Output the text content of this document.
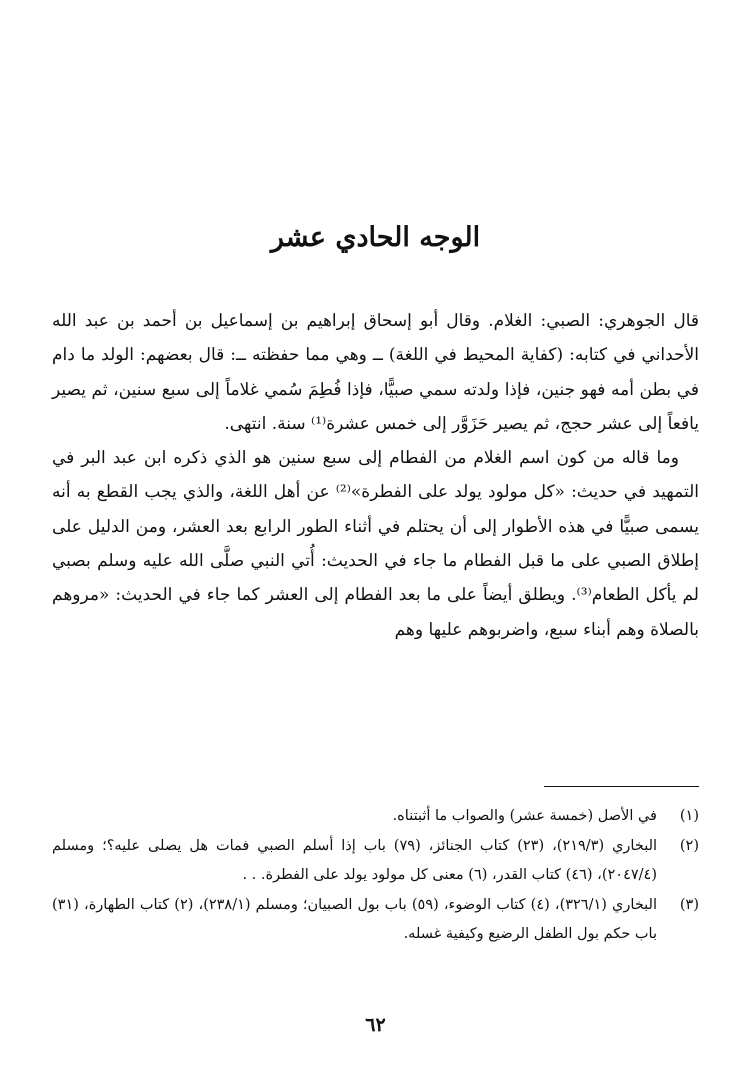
الوجه الحادي عشر

قال الجوهري: الصبي: الغلام. وقال أبو إسحاق إبراهيم بن إسماعيل بن أحمد بن عبد الله الأحداني في كتابه: (كفاية المحيط في اللغة) ــ وهي مما حفظته ــ: قال بعضهم: الولد ما دام في بطن أمه فهو جنين، فإذا ولدته سمي صبيًّا، فإذا فُطِمَ سُمي غلاماً إلى سبع سنين، ثم يصير يافعاً إلى عشر حجج، ثم يصير حَزَوَّر إلى خمس عشرة⁽¹⁾ سنة. انتهى.

وما قاله من كون اسم الغلام من الفطام إلى سبع سنين هو الذي ذكره ابن عبد البر في التمهيد في حديث: «كل مولود يولد على الفطرة»⁽²⁾ عن أهل اللغة، والذي يجب القطع به أنه يسمى صبيًّا في هذه الأطوار إلى أن يحتلم في أثناء الطور الرابع بعد العشر، ومن الدليل على إطلاق الصبي على ما قبل الفطام ما جاء في الحديث: أُتي النبي صلَّى الله عليه وسلم بصبي لم يأكل الطعام⁽³⁾. ويطلق أيضاً على ما بعد الفطام إلى العشر كما جاء في الحديث: «مروهم بالصلاة وهم أبناء سبع، واضربوهم عليها وهم

(١)
في الأصل (خمسة عشر) والصواب ما أثبتناه.
(٢)
البخاري (٢١٩/٣)، (٢٣) كتاب الجنائز، (٧٩) باب إذا أسلم الصبي فمات هل يصلى عليه؟؛ ومسلم (٢٠٤٧/٤)، (٤٦) كتاب القدر، (٦) معنى كل مولود يولد على الفطرة. . .
(٣)
البخاري (٣٢٦/١)، (٤) كتاب الوضوء، (٥٩) باب بول الصبيان؛ ومسلم (٢٣٨/١)، (٢) كتاب الطهارة، (٣١) باب حكم بول الطفل الرضيع وكيفية غسله.
٦٢
